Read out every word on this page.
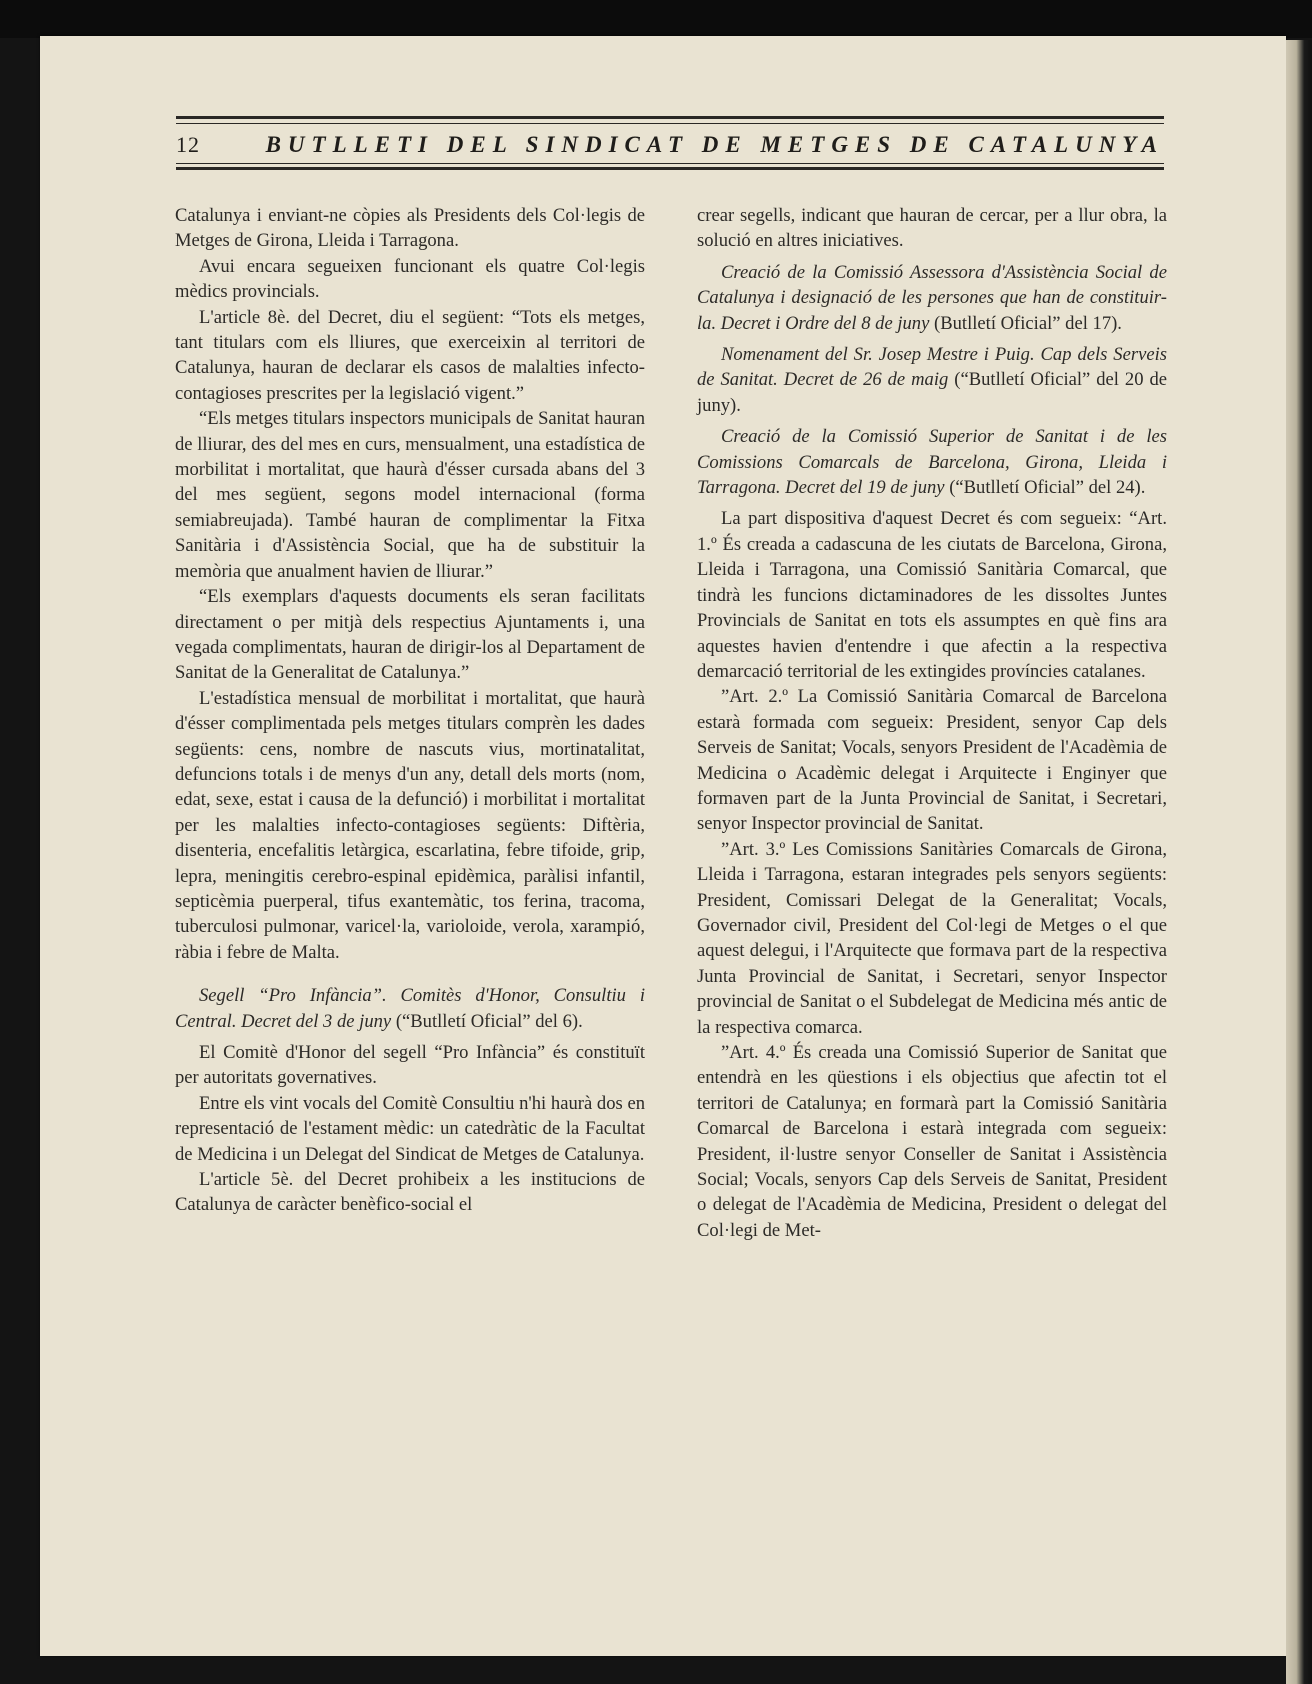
12	BUTLLETI DEL SINDICAT DE METGES DE CATALUNYA

Catalunya i enviant-ne còpies als Presidents dels Col·legis de Metges de Girona, Lleida i Tarragona.

Avui encara segueixen funcionant els quatre Col·legis mèdics provincials.

L'article 8è. del Decret, diu el següent: “Tots els metges, tant titulars com els lliures, que exerceixin al territori de Catalunya, hauran de declarar els casos de malalties infecto-contagioses prescrites per la legislació vigent.”

“Els metges titulars inspectors municipals de Sanitat hauran de lliurar, des del mes en curs, mensualment, una estadística de morbilitat i mortalitat, que haurà d'ésser cursada abans del 3 del mes següent, segons model internacional (forma semiabreujada). També hauran de complimentar la Fitxa Sanitària i d'Assistència Social, que ha de substituir la memòria que anualment havien de lliurar.”

“Els exemplars d'aquests documents els seran facilitats directament o per mitjà dels respectius Ajuntaments i, una vegada complimentats, hauran de dirigir-los al Departament de Sanitat de la Generalitat de Catalunya.”

L'estadística mensual de morbilitat i mortalitat, que haurà d'ésser complimentada pels metges titulars comprèn les dades següents: cens, nombre de nascuts vius, mortinatalitat, defuncions totals i de menys d'un any, detall dels morts (nom, edat, sexe, estat i causa de la defunció) i morbilitat i mortalitat per les malalties infecto-contagioses següents: Diftèria, disenteria, encefalitis letàrgica, escarlatina, febre tifoide, grip, lepra, meningitis cerebro-espinal epidèmica, paràlisi infantil, septicèmia puerperal, tifus exantemàtic, tos ferina, tracoma, tuberculosi pulmonar, varicel·la, varioloide, verola, xarampió, ràbia i febre de Malta.

Segell “Pro Infància”. Comitès d'Honor, Consultiu i Central. Decret del 3 de juny (“Butlletí Oficial” del 6).

El Comitè d'Honor del segell “Pro Infància” és constituït per autoritats governatives.

Entre els vint vocals del Comitè Consultiu n'hi haurà dos en representació de l'estament mèdic: un catedràtic de la Facultat de Medicina i un Delegat del Sindicat de Metges de Catalunya.

L'article 5è. del Decret prohibeix a les institucions de Catalunya de caràcter benèfico-social el

crear segells, indicant que hauran de cercar, per a llur obra, la solució en altres iniciatives.

Creació de la Comissió Assessora d'Assistència Social de Catalunya i designació de les persones que han de constituir-la. Decret i Ordre del 8 de juny (Butlletí Oficial” del 17).

Nomenament del Sr. Josep Mestre i Puig. Cap dels Serveis de Sanitat. Decret de 26 de maig (“Butlletí Oficial” del 20 de juny).

Creació de la Comissió Superior de Sanitat i de les Comissions Comarcals de Barcelona, Girona, Lleida i Tarragona. Decret del 19 de juny (“Butlletí Oficial” del 24).

La part dispositiva d'aquest Decret és com segueix: “Art. 1.º És creada a cadascuna de les ciutats de Barcelona, Girona, Lleida i Tarragona, una Comissió Sanitària Comarcal, que tindrà les funcions dictaminadores de les dissoltes Juntes Provincials de Sanitat en tots els assumptes en què fins ara aquestes havien d'entendre i que afectin a la respectiva demarcació territorial de les extingides províncies catalanes.

”Art. 2.º La Comissió Sanitària Comarcal de Barcelona estarà formada com segueix: President, senyor Cap dels Serveis de Sanitat; Vocals, senyors President de l'Acadèmia de Medicina o Acadèmic delegat i Arquitecte i Enginyer que formaven part de la Junta Provincial de Sanitat, i Secretari, senyor Inspector provincial de Sanitat.

”Art. 3.º Les Comissions Sanitàries Comarcals de Girona, Lleida i Tarragona, estaran integrades pels senyors següents: President, Comissari Delegat de la Generalitat; Vocals, Governador civil, President del Col·legi de Metges o el que aquest delegui, i l'Arquitecte que formava part de la respectiva Junta Provincial de Sanitat, i Secretari, senyor Inspector provincial de Sanitat o el Subdelegat de Medicina més antic de la respectiva comarca.

”Art. 4.º És creada una Comissió Superior de Sanitat que entendrà en les qüestions i els objectius que afectin tot el territori de Catalunya; en formarà part la Comissió Sanitària Comarcal de Barcelona i estarà integrada com segueix: President, il·lustre senyor Conseller de Sanitat i Assistència Social; Vocals, senyors Cap dels Serveis de Sanitat, President o delegat de l'Acadèmia de Medicina, President o delegat del Col·legi de Met-
